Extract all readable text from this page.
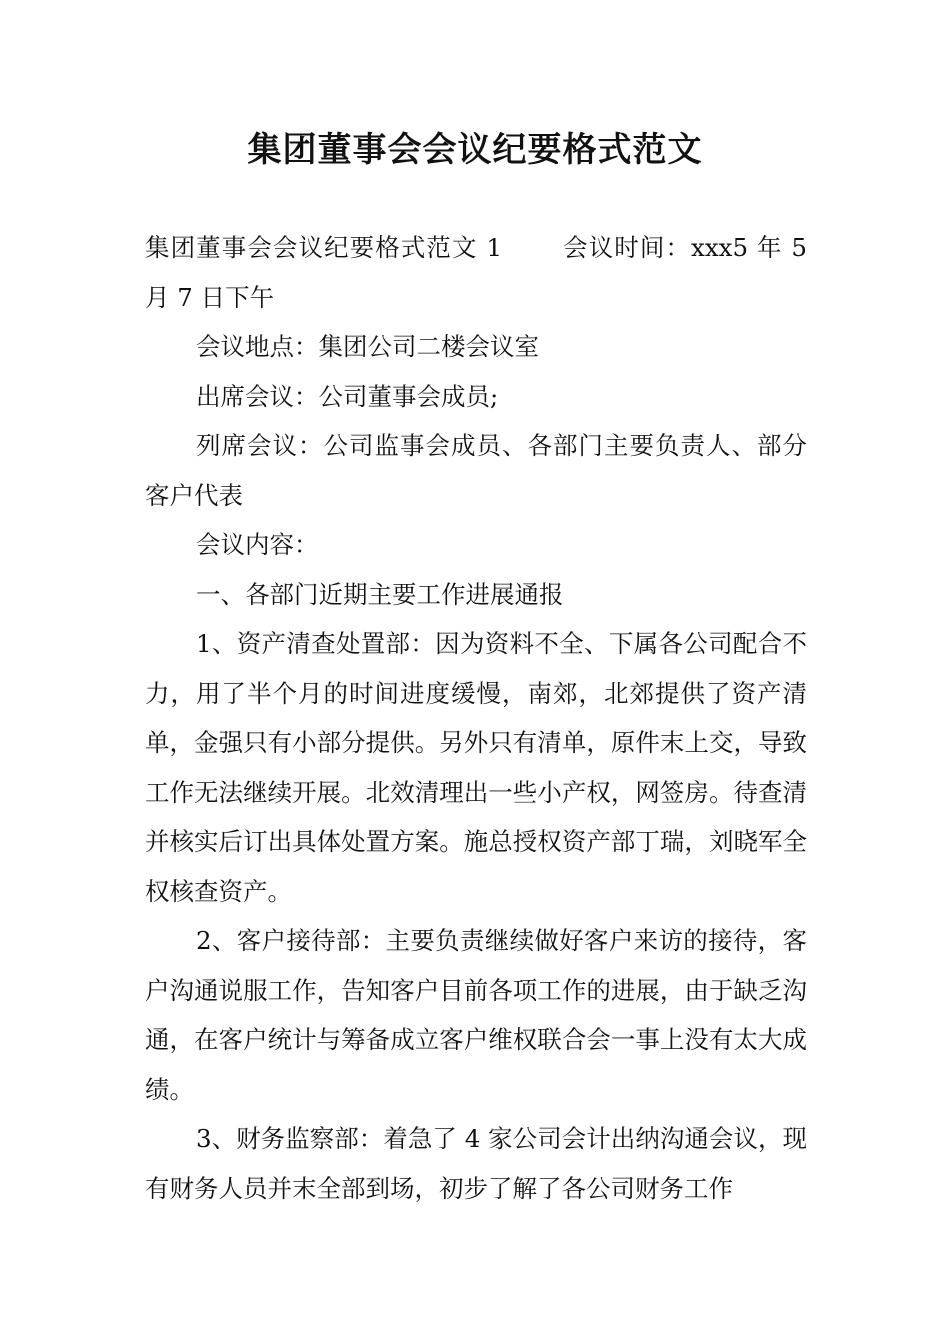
集团董事会会议纪要格式范文

集团董事会会议纪要格式范文 1 会议时间：xxx5 年 5 月 7 日下午

会议地点：集团公司二楼会议室

出席会议：公司董事会成员;

列席会议：公司监事会成员、各部门主要负责人、部分客户代表

会议内容：

一、各部门近期主要工作进展通报

1、资产清查处置部：因为资料不全、下属各公司配合不力，用了半个月的时间进度缓慢，南郊，北郊提供了资产清单，金强只有小部分提供。另外只有清单，原件末上交，导致工作无法继续开展。北效清理出一些小产权，网签房。待查清并核实后订出具体处置方案。施总授权资产部丁瑞，刘晓军全权核查资产。

2、客户接待部：主要负责继续做好客户来访的接待，客户沟通说服工作，告知客户目前各项工作的进展，由于缺乏沟通，在客户统计与筹备成立客户维权联合会一事上没有太大成绩。

3、财务监察部：着急了 4 家公司会计出纳沟通会议，现有财务人员并末全部到场，初步了解了各公司财务工作
